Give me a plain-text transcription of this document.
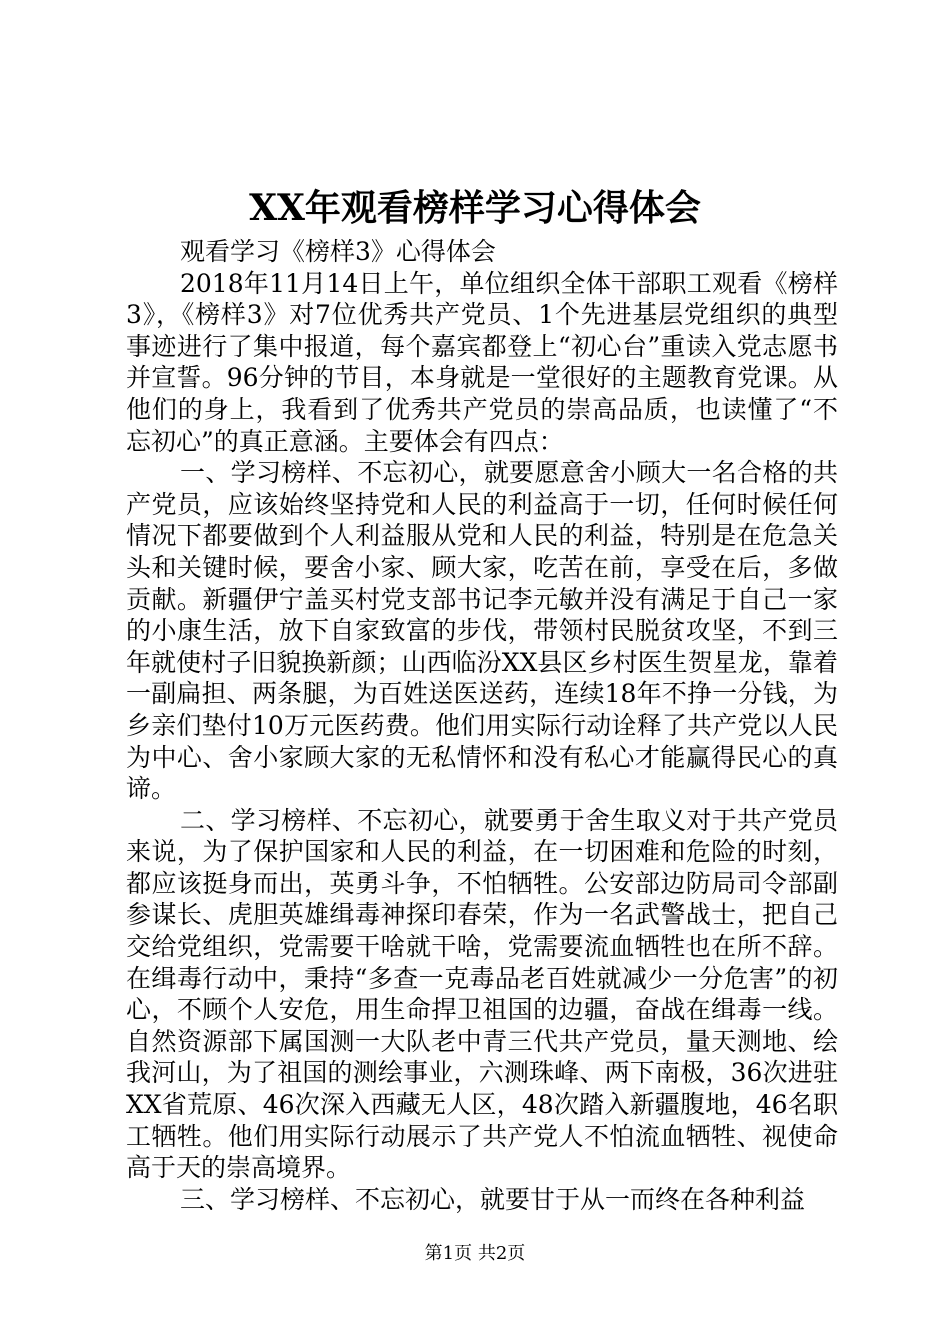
XX年观看榜样学习心得体会

观看学习《榜样3》心得体会

2018年11月14日上午，单位组织全体干部职工观看《榜样3》，《榜样3》对7位优秀共产党员、1个先进基层党组织的典型事迹进行了集中报道，每个嘉宾都登上“初心台”重读入党志愿书并宣誓。96分钟的节目，本身就是一堂很好的主题教育党课。从他们的身上，我看到了优秀共产党员的崇高品质，也读懂了“不忘初心”的真正意涵。主要体会有四点：

一、学习榜样、不忘初心，就要愿意舍小顾大一名合格的共产党员，应该始终坚持党和人民的利益高于一切，任何时候任何情况下都要做到个人利益服从党和人民的利益，特别是在危急关头和关键时候，要舍小家、顾大家，吃苦在前，享受在后，多做贡献。新疆伊宁盖买村党支部书记李元敏并没有满足于自己一家的小康生活，放下自家致富的步伐，带领村民脱贫攻坚，不到三年就使村子旧貌换新颜；山西临汾XX县区乡村医生贺星龙，靠着一副扁担、两条腿，为百姓送医送药，连续18年不挣一分钱，为乡亲们垫付10万元医药费。他们用实际行动诠释了共产党以人民为中心、舍小家顾大家的无私情怀和没有私心才能赢得民心的真谛。

二、学习榜样、不忘初心，就要勇于舍生取义对于共产党员来说，为了保护国家和人民的利益，在一切困难和危险的时刻，都应该挺身而出，英勇斗争，不怕牺牲。公安部边防局司令部副参谋长、虎胆英雄缉毒神探印春荣，作为一名武警战士，把自己交给党组织，党需要干啥就干啥，党需要流血牺牲也在所不辞。在缉毒行动中，秉持“多查一克毒品老百姓就减少一分危害”的初心，不顾个人安危，用生命捍卫祖国的边疆，奋战在缉毒一线。自然资源部下属国测一大队老中青三代共产党员，量天测地、绘我河山，为了祖国的测绘事业，六测珠峰、两下南极，36次进驻XX省荒原、46次深入西藏无人区，48次踏入新疆腹地，46名职工牺牲。他们用实际行动展示了共产党人不怕流血牺牲、视使命高于天的崇高境界。

三、学习榜样、不忘初心，就要甘于从一而终在各种利益

第1页 共2页
